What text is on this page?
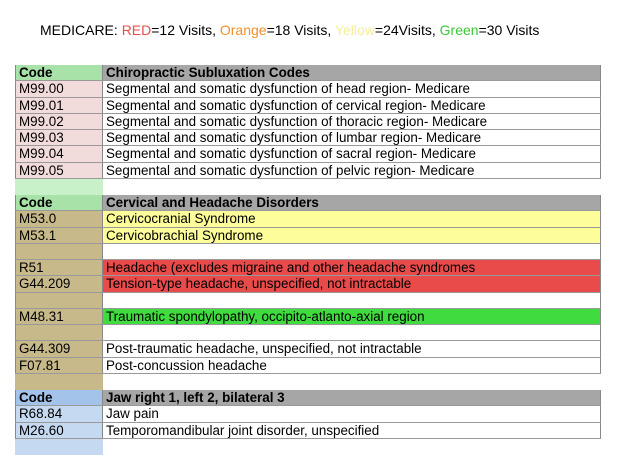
MEDICARE: RED=12 Visits, Orange=18 Visits, Yellow=24Visits, Green=30 Visits
Code	Chiropractic Subluxation Codes
M99.00	Segmental and somatic dysfunction of head region- Medicare
M99.01	Segmental and somatic dysfunction of cervical region- Medicare
M99.02	Segmental and somatic dysfunction of thoracic region- Medicare
M99.03	Segmental and somatic dysfunction of lumbar region- Medicare
M99.04	Segmental and somatic dysfunction of sacral region- Medicare
M99.05	Segmental and somatic dysfunction of pelvic region- Medicare
Code	Cervical and Headache Disorders
M53.0	Cervicocranial Syndrome
M53.1	Cervicobrachial Syndrome
R51	Headache (excludes migraine and other headache syndromes
G44.209	Tension-type headache, unspecified, not intractable
M48.31	Traumatic spondylopathy, occipito-atlanto-axial region
G44.309	Post-traumatic headache, unspecified, not intractable
F07.81	Post-concussion headache
Code	Jaw right 1, left 2, bilateral 3
R68.84	Jaw pain
M26.60	Temporomandibular joint disorder, unspecified
